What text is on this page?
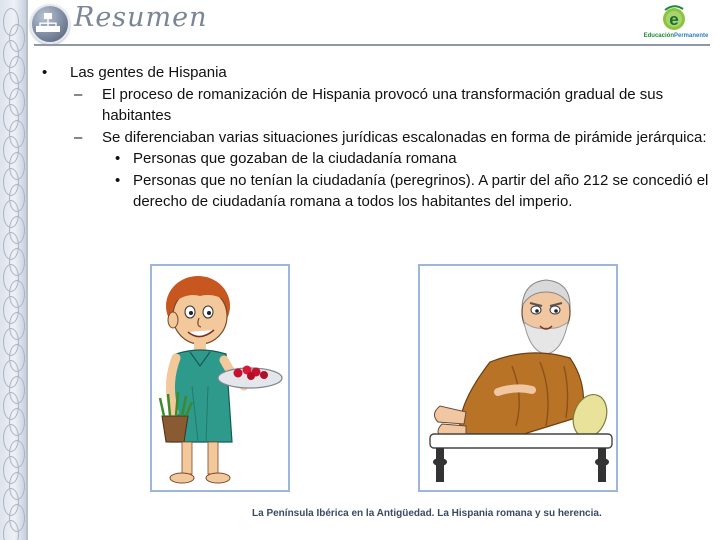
Resumen	e
EducaciónPermanente
• Las gentes de Hispania
– El proceso de romanización de Hispania provocó una transformación gradual de sus habitantes
– Se diferenciaban varias situaciones jurídicas escalonadas en forma de pirámide jerárquica:
• Personas que gozaban de la ciudadanía romana
• Personas que no tenían la ciudadanía (peregrinos). A partir del año 212 se concedió el derecho de ciudadanía romana a todos los habitantes del imperio.
La Península Ibérica en la Antigüedad. La Hispania romana y su herencia.
